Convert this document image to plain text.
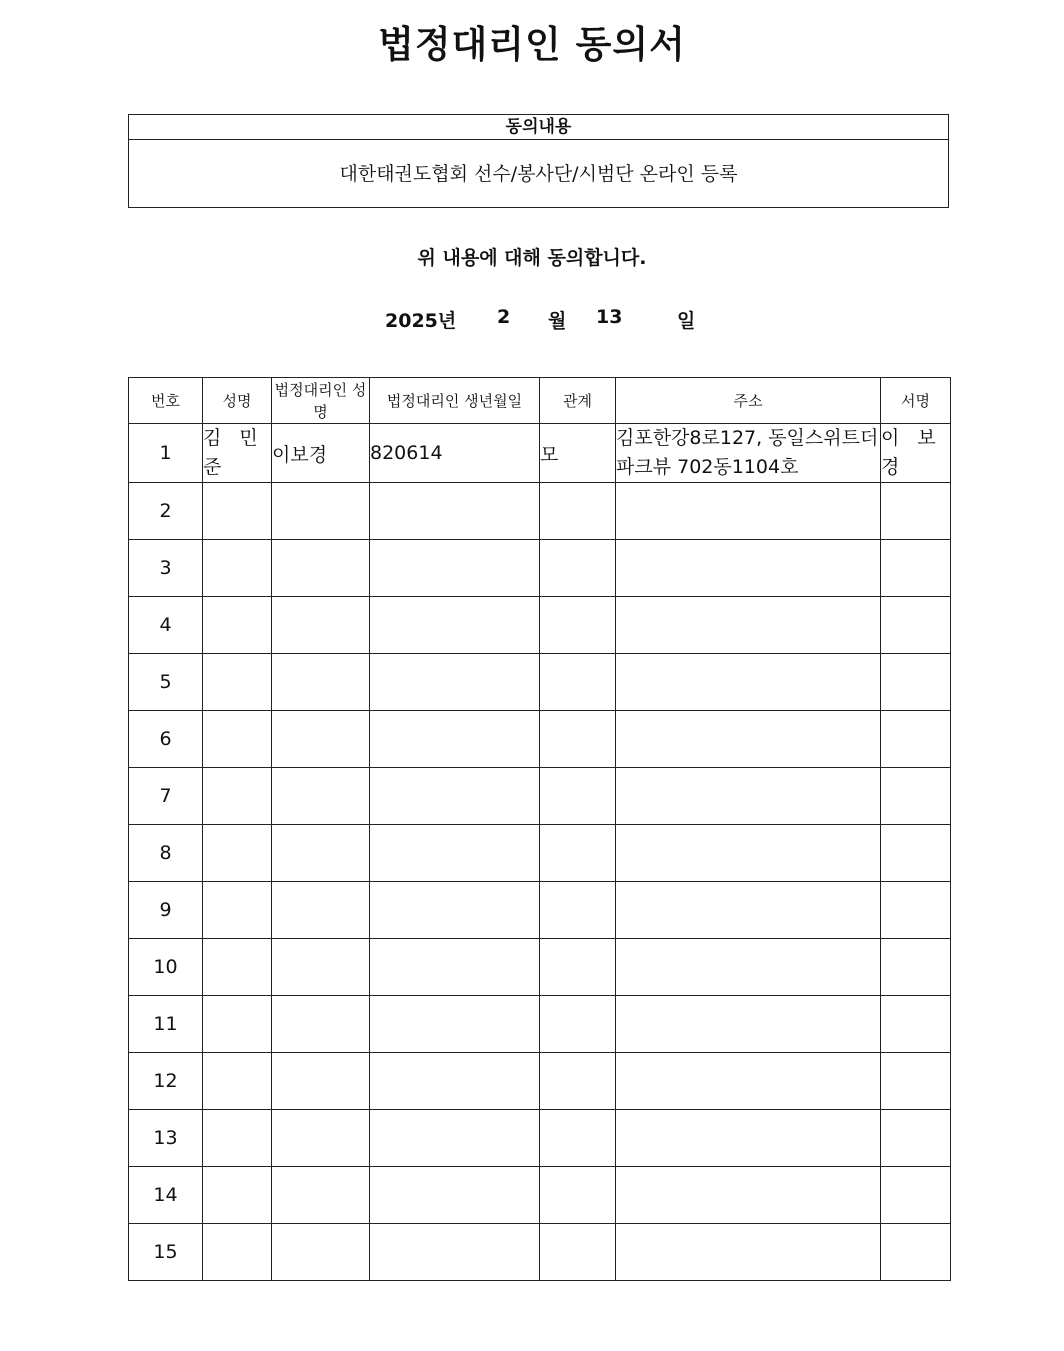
법정대리인 동의서
동의내용
대한태권도협회 선수/봉사단/시범단 온라인 등록
위 내용에 대해 동의합니다.
2025년 2 월 13	일
번호	성명	법정대리인 성명	법정대리인 생년월일	관계	주소	서명
1	김 민 준	이보경	820614	모	김포한강8로127, 동일스위트더파크뷰 702동1104호	이 보 경
2						
3						
4						
5						
6						
7						
8						
9						
10						
11						
12						
13						
14						
15						
